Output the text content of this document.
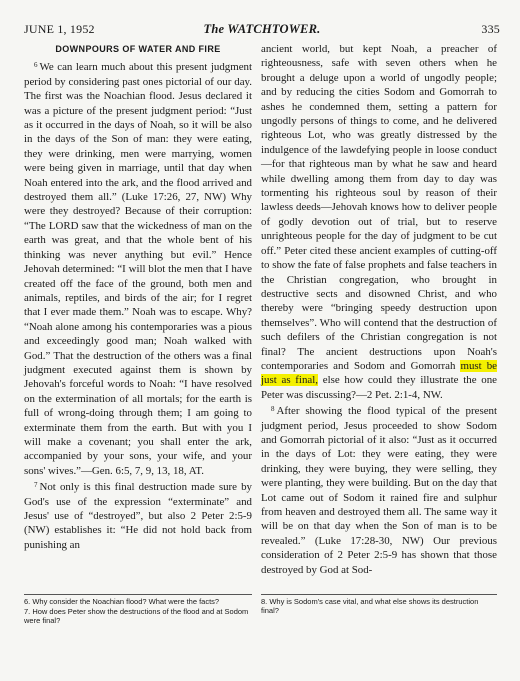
JUNE 1, 1952	The WATCHTOWER.	335
DOWNPOURS OF WATER AND FIRE

$^6$ We can learn much about this present judgment period by considering past ones pictorial of our day. The first was the Noachian flood. Jesus declared it was a picture of the present judgment period: “Just as it occurred in the days of Noah, so it will be also in the days of the Son of man: they were eating, they were drinking, men were marrying, women were being given in marriage, until that day when Noah entered into the ark, and the flood arrived and destroyed them all.” (Luke 17:26, 27, NW) Why were they destroyed? Because of their corruption: “The LORD saw that the wickedness of man on the earth was great, and that the whole bent of his thinking was never anything but evil.” Hence Jehovah determined: “I will blot the men that I have created off the face of the ground, both men and animals, reptiles, and birds of the air; for I regret that I ever made them.” Noah was to escape. Why? “Noah alone among his contemporaries was a pious and exceedingly good man; Noah walked with God.” That the destruction of the others was a final judgment executed against them is shown by Jehovah's forceful words to Noah: “I have resolved on the extermination of all mortals; for the earth is full of wrong-doing through them; I am going to exterminate them from the earth. But with you I will make a covenant; you shall enter the ark, accompanied by your sons, your wife, and your sons' wives.”—Gen. 6:5, 7, 9, 13, 18, AT.

$^7$ Not only is this final destruction made sure by God's use of the expression “exterminate” and Jesus' use of “destroyed”, but also 2 Peter 2:5-9 (NW) establishes it: “He did not hold back from punishing an

ancient world, but kept Noah, a preacher of righteousness, safe with seven others when he brought a deluge upon a world of ungodly people; and by reducing the cities Sodom and Gomorrah to ashes he condemned them, setting a pattern for ungodly persons of things to come, and he delivered righteous Lot, who was greatly distressed by the indulgence of the lawdefying people in loose conduct—for that righteous man by what he saw and heard while dwelling among them from day to day was tormenting his righteous soul by reason of their lawless deeds—Jehovah knows how to deliver people of godly devotion out of trial, but to reserve unrighteous people for the day of judgment to be cut off.” Peter cited these ancient examples of cutting-off to show the fate of false prophets and false teachers in the Christian congregation, who brought in destructive sects and disowned Christ, and who thereby were “bringing speedy destruction upon themselves”. Who will contend that the destruction of such defilers of the Christian congregation is not final? The ancient destructions upon Noah's contemporaries and Sodom and Gomorrah must be just as final, else how could they illustrate the one Peter was discussing?—2 Pet. 2:1-4, NW.

$^8$ After showing the flood typical of the present judgment period, Jesus proceeded to show Sodom and Gomorrah pictorial of it also: “Just as it occurred in the days of Lot: they were eating, they were drinking, they were buying, they were selling, they were planting, they were building. But on the day that Lot came out of Sodom it rained fire and sulphur from heaven and destroyed them all. The same way it will be on that day when the Son of man is to be revealed.” (Luke 17:28-30, NW) Our previous consideration of 2 Peter 2:5-9 has shown that those destroyed by God at Sod-

6. Why consider the Noachian flood? What were the facts?
7. How does Peter show the destructions of the flood and at Sodom were final?
8. Why is Sodom's case vital, and what else shows its destruction final?
